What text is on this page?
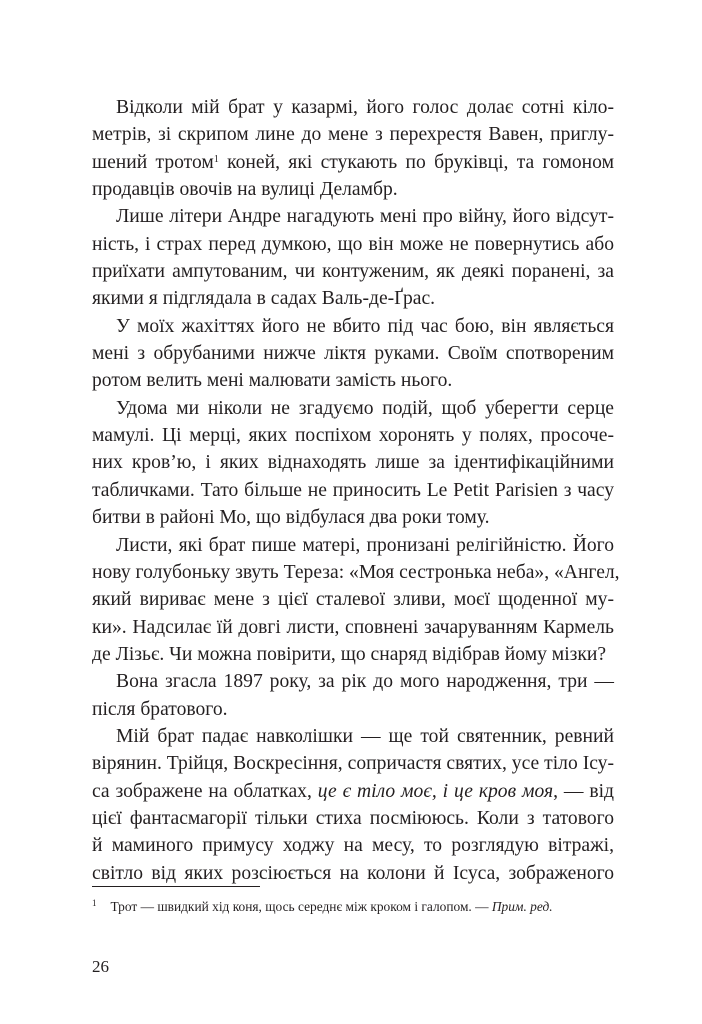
Відколи мій брат у казармі, його голос долає сотні кіло-
метрів, зі скрипом лине до мене з перехрестя Вавен, приглу-
шений тротом$^1$ коней, які стукають по бруківці, та гомоном
продавців овочів на вулиці Деламбр.
Лише літери Андре нагадують мені про війну, його відсут-
ність, і страх перед думкою, що він може не повернутись або
приїхати ампутованим, чи контуженим, як деякі поранені, за
якими я підглядала в садах Валь-де-Ґрас.
У моїх жахіттях його не вбито під час бою, він являється
мені з обрубаними нижче ліктя руками. Своїм спотвореним
ротом велить мені малювати замість нього.
Удома ми ніколи не згадуємо подій, щоб уберегти серце
мамулі. Ці мерці, яких поспіхом хоронять у полях, просоче-
них кров’ю, і яких віднаходять лише за ідентифікаційними
табличками. Тато більше не приносить Le Petit Parisien з часу
битви в районі Мо, що відбулася два роки тому.
Листи, які брат пише матері, пронизані релігійністю. Його
нову голубоньку звуть Тереза: «Моя сестронька неба», «Ангел,
який вириває мене з цієї сталевої зливи, моєї щоденної му-
ки». Надсилає їй довгі листи, сповнені зачаруванням Кармель
де Лізьє. Чи можна повірити, що снаряд відібрав йому мізки?
Вона згасла 1897 року, за рік до мого народження, три —
після братового.
Мій брат падає навколішки — ще той святенник, ревний
вірянин. Трійця, Воскресіння, сопричастя святих, усе тіло Ісу-
са зображене на облатках, це є тіло моє, і це кров моя, — від
цієї фантасмагорії тільки стиха посміююсь. Коли з татового
й маминого примусу ходжу на месу, то розглядую вітражі,
світло від яких розсіюється на колони й Ісуса, зображеного
$^1$ Трот — швидкий хід коня, щось середнє між кроком і галопом. — Прим. ред.
26
